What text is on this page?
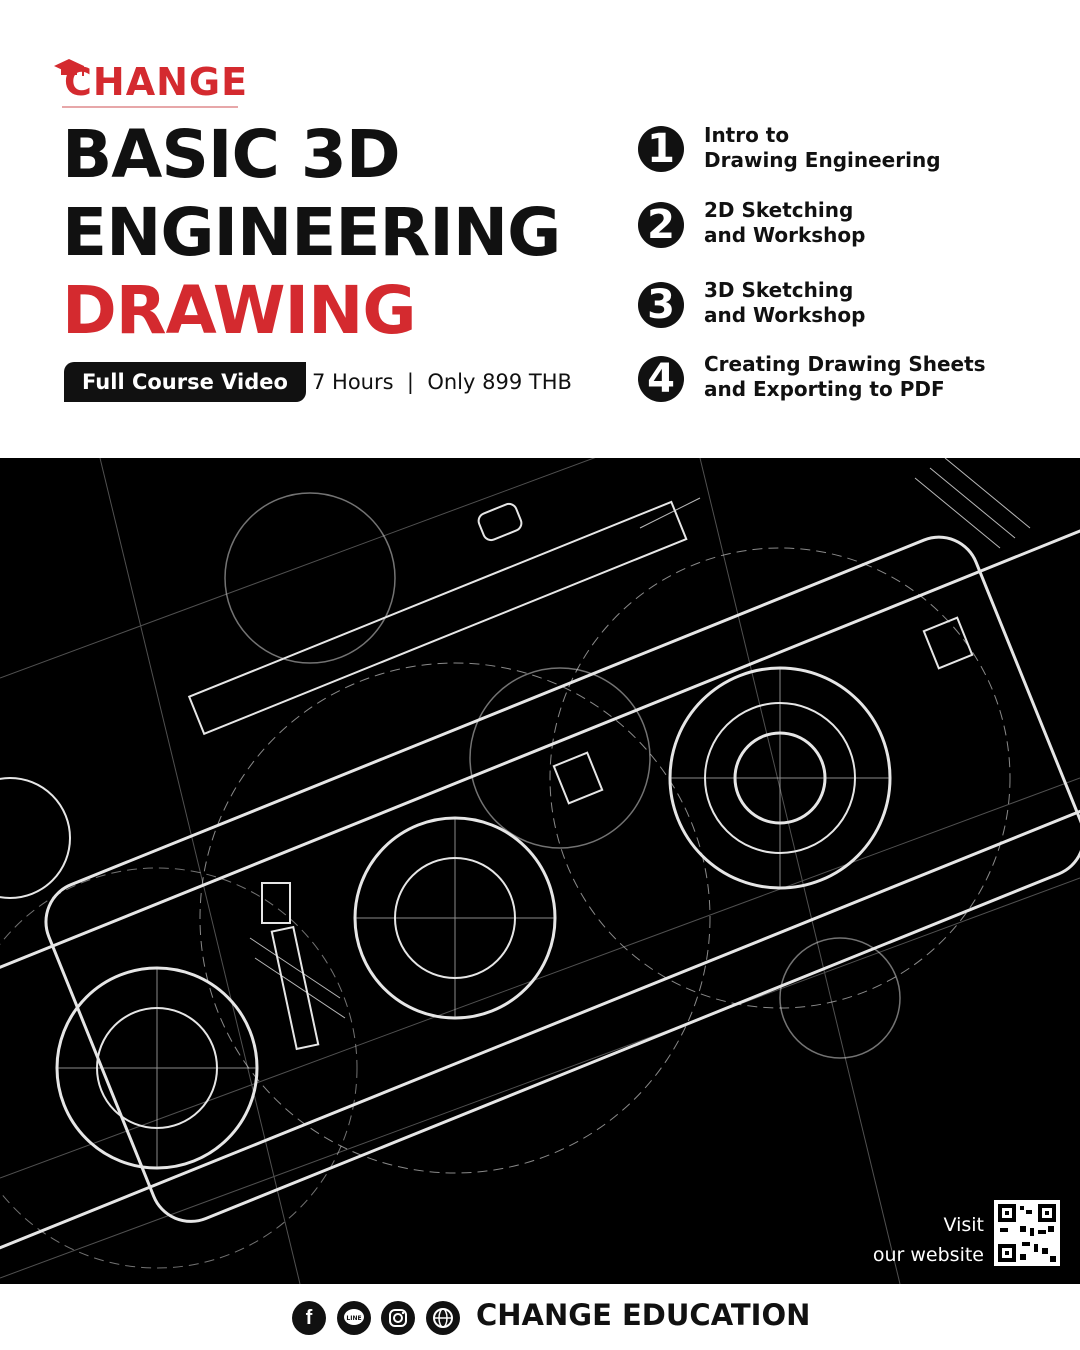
CHANGE
BASIC 3D
ENGINEERING
DRAWING
Full Course Video	7 Hours  |  Only 899 THB
1	Intro to
Drawing Engineering
2	2D Sketching
and Workshop
3	3D Sketching
and Workshop
4	Creating Drawing Sheets
and Exporting to PDF
Visit
our website
f	LINE	CHANGE EDUCATION
